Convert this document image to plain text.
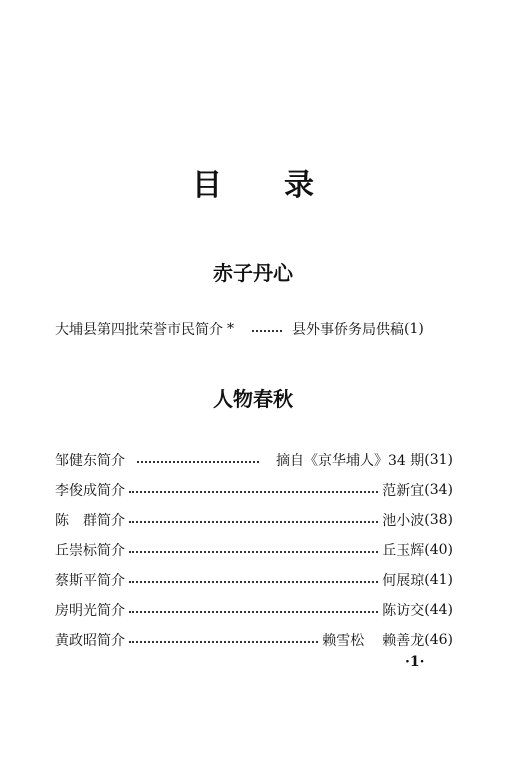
目 录
赤子丹心
大埔县第四批荣誉市民简介 *	县外事侨务局供稿 (1)
人物春秋
邹健东简介	摘自《京华埔人》34 期 (31)
李俊成简介	范新宜 (34)
陈　群简介	池小波 (38)
丘崇标简介	丘玉辉 (40)
蔡斯平简介	何展琼 (41)
房明光简介	陈访交 (44)
黄政昭简介	赖雪松 赖善龙 (46)
·1·
